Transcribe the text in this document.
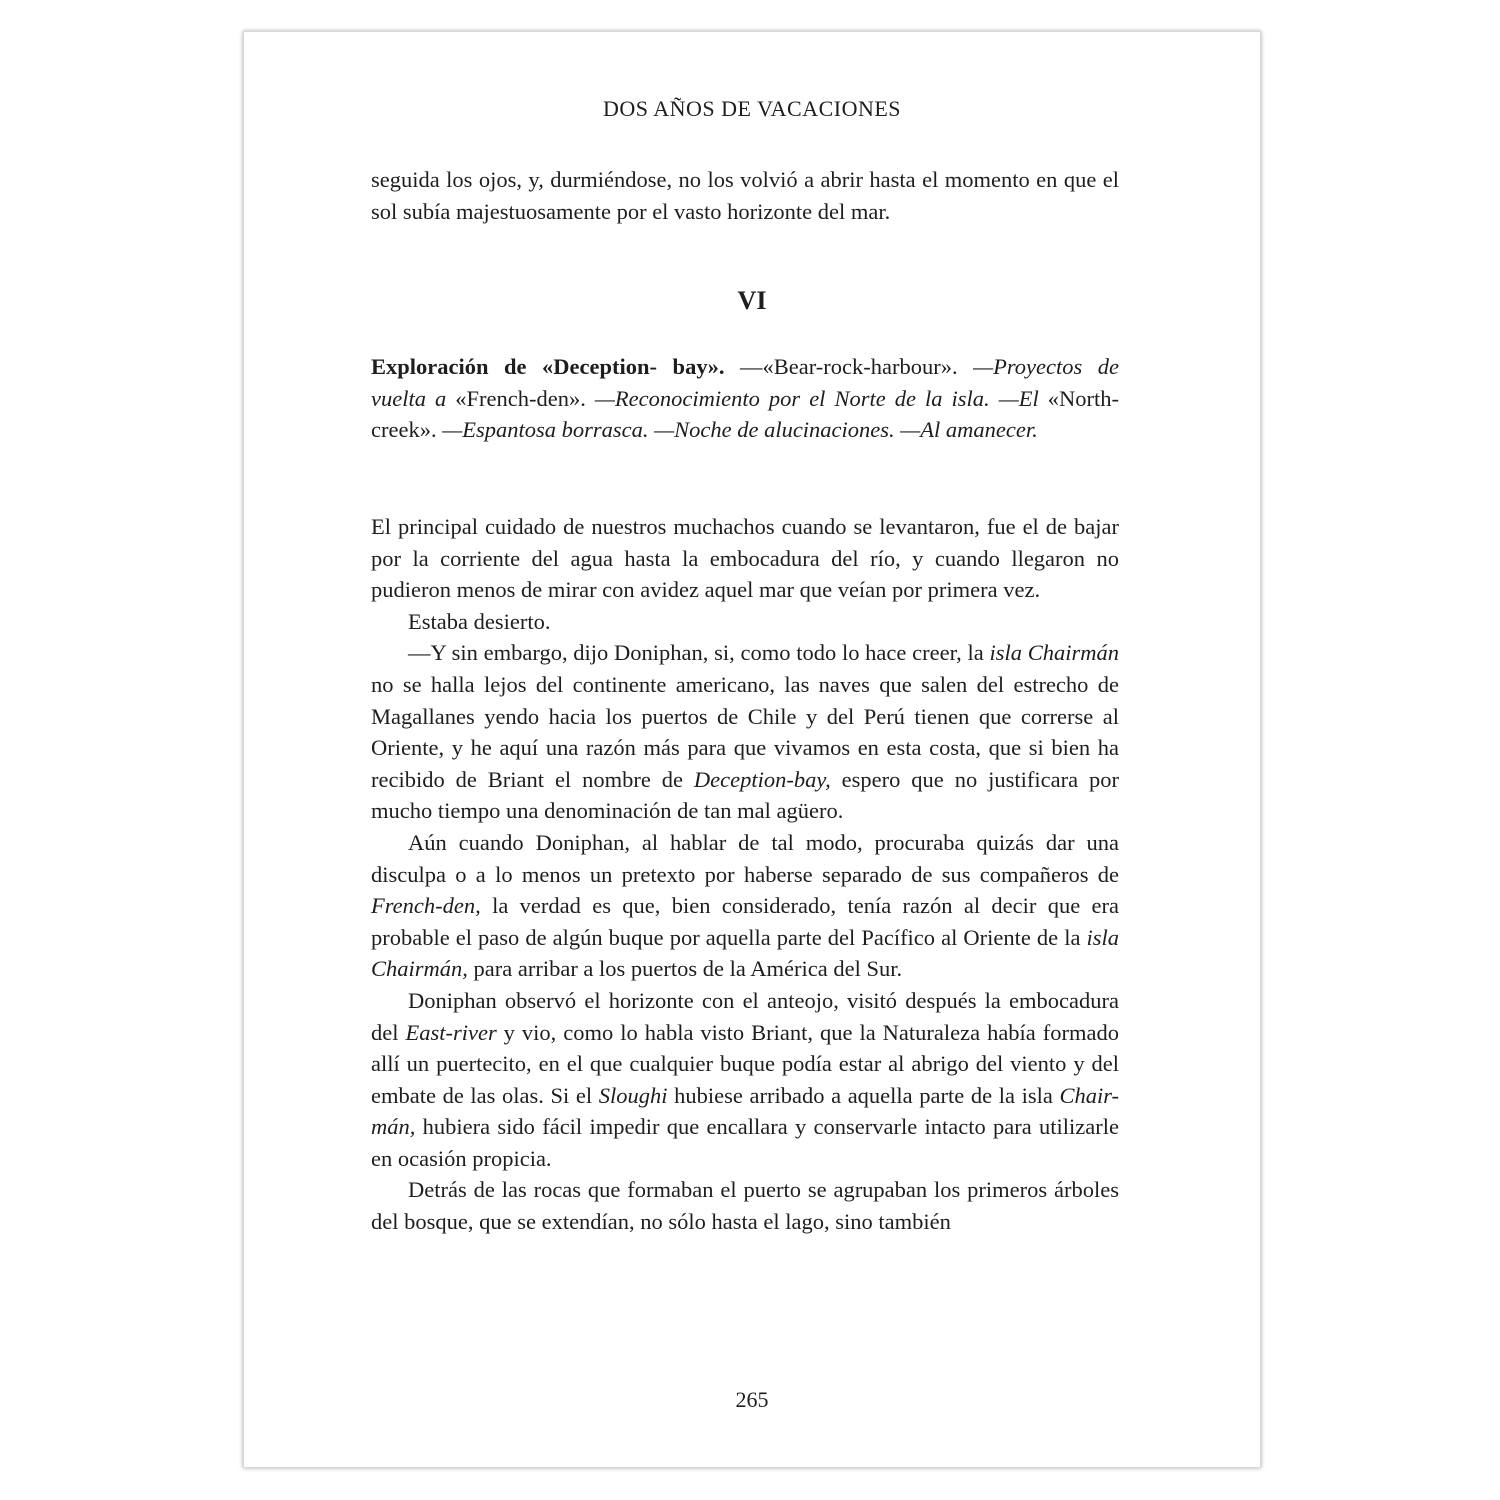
DOS AÑOS DE VACACIONES

seguida los ojos, y, durmiéndose, no los volvió a abrir hasta el momento en que el sol subía majestuosamente por el vasto horizonte del mar.

VI

Exploración de «Deception- bay». —«Bear-rock-harbour». —Proyectos de vuelta a «French-den». —Reconocimiento por el Norte de la isla. —El «North-creek». —Espantosa borrasca. —Noche de alucinaciones. —Al amanecer.

El principal cuidado de nuestros muchachos cuando se levantaron, fue el de bajar por la corriente del agua hasta la embocadura del río, y cuando llegaron no pudieron menos de mirar con avidez aquel mar que veían por primera vez.

Estaba desierto.

—Y sin embargo, dijo Doniphan, si, como todo lo hace creer, la isla Chairmán no se halla lejos del continente americano, las naves que salen del estrecho de Magallanes yendo hacia los puertos de Chile y del Perú tienen que correrse al Oriente, y he aquí una razón más para que vivamos en esta costa, que si bien ha recibido de Briant el nombre de Deception-bay, espero que no justificara por mucho tiempo una denominación de tan mal agüero.

Aún cuando Doniphan, al hablar de tal modo, procuraba quizás dar una disculpa o a lo menos un pretexto por haberse separado de sus compañeros de French-den, la verdad es que, bien considerado, tenía razón al decir que era probable el paso de algún buque por aquella parte del Pacífico al Oriente de la isla Chairmán, para arribar a los puertos de la América del Sur.

Doniphan observó el horizonte con el anteojo, visitó después la embocadura del East-river y vio, como lo habla visto Briant, que la Naturaleza había formado allí un puertecito, en el que cualquier buque podía estar al abrigo del viento y del embate de las olas. Si el Sloughi hubiese arribado a aquella parte de la isla Chair-mán, hubiera sido fácil impedir que encallara y conservarle intacto para utilizarle en ocasión propicia.

Detrás de las rocas que formaban el puerto se agrupaban los primeros árboles del bosque, que se extendían, no sólo hasta el lago, sino también

265
